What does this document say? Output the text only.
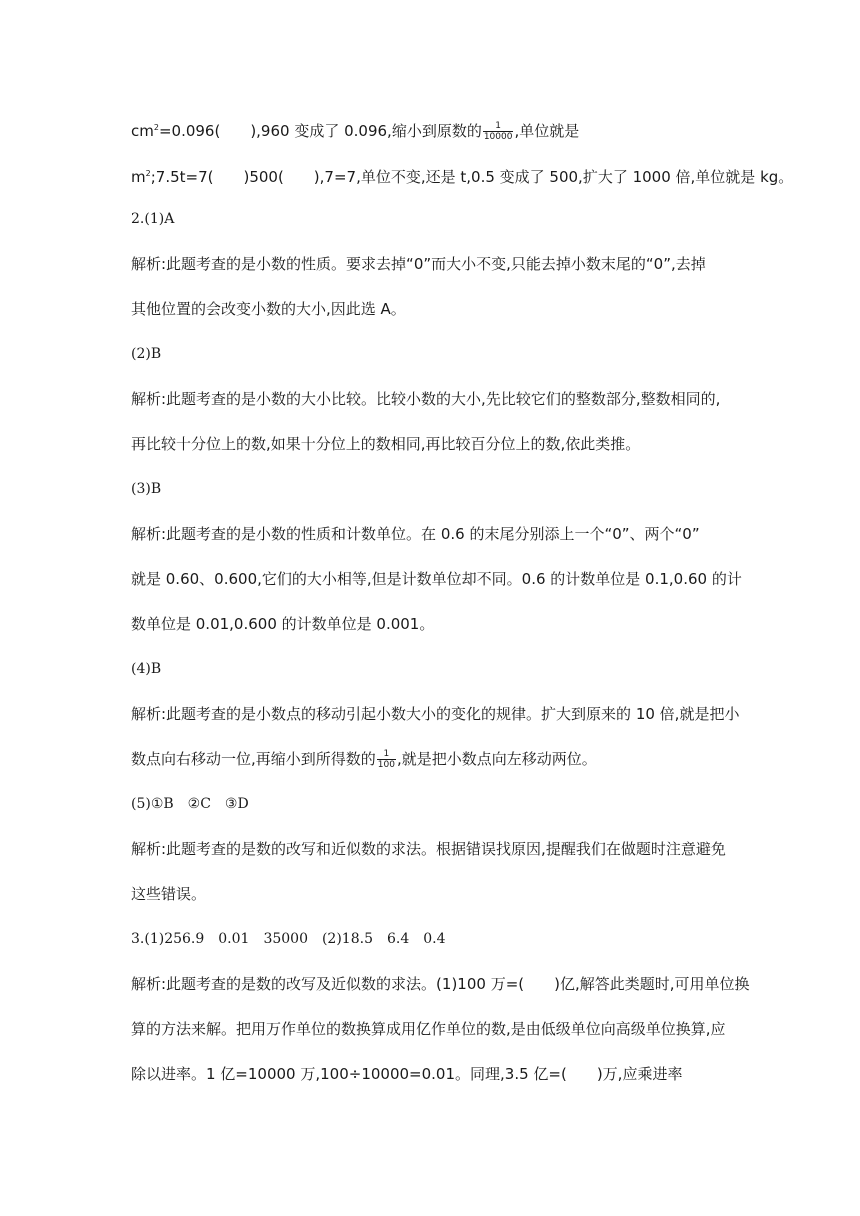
$cm^2=0.096$(　　),960 变成了 0.096,缩小到原数的 $\frac{1}{10000}$ ,单位就是
$m^2;7.5t=7$(　　)500(　　),7=7,单位不变,还是 t,0.5 变成了 500,扩大了 1000 倍,单位就是 kg。
2.(1)A
解析:此题考查的是小数的性质。要求去掉“0”而大小不变,只能去掉小数末尾的“0”,去掉
其他位置的会改变小数的大小,因此选 A。
(2)B
解析:此题考查的是小数的大小比较。比较小数的大小,先比较它们的整数部分,整数相同的,
再比较十分位上的数,如果十分位上的数相同,再比较百分位上的数,依此类推。
(3)B
解析:此题考查的是小数的性质和计数单位。在 0.6 的末尾分别添上一个“0”、两个“0”
就是 0.60、0.600,它们的大小相等,但是计数单位却不同。0.6 的计数单位是 0.1,0.60 的计
数单位是 0.01,0.600 的计数单位是 0.001。
(4)B
解析:此题考查的是小数点的移动引起小数大小的变化的规律。扩大到原来的 10 倍,就是把小
数点向右移动一位,再缩小到所得数的 $\frac{1}{100}$ ,就是把小数点向左移动两位。
(5)①B　②C　③D
解析:此题考查的是数的改写和近似数的求法。根据错误找原因,提醒我们在做题时注意避免
这些错误。
3.(1)256.9　0.01　35000　(2)18.5　6.4　0.4
解析:此题考查的是数的改写及近似数的求法。(1)100 万=(　　)亿,解答此类题时,可用单位换
算的方法来解。把用万作单位的数换算成用亿作单位的数,是由低级单位向高级单位换算,应
除以进率。1 亿=10000 万,100÷10000=0.01。同理,3.5 亿=(　　)万,应乘进率
